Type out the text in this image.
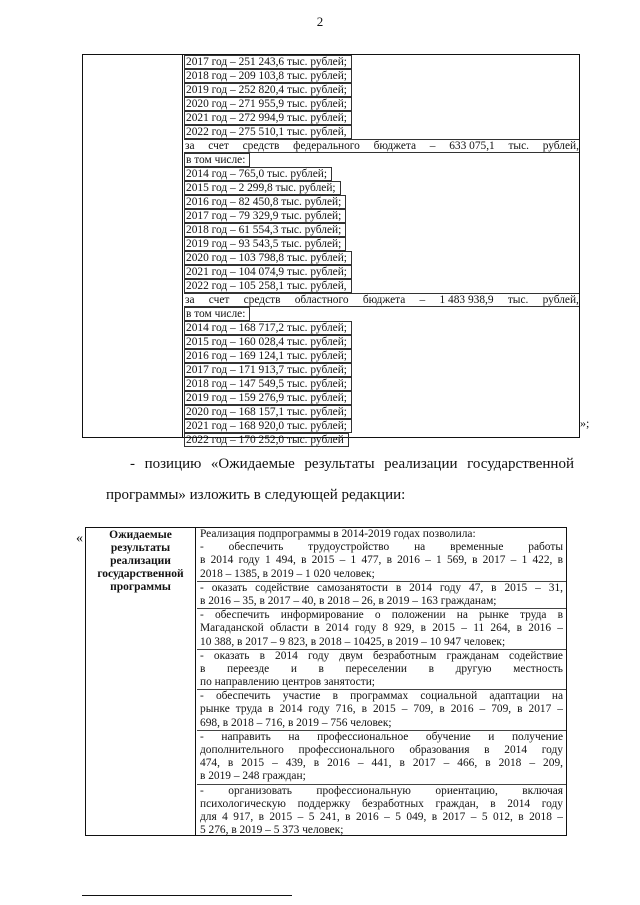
2
2017 год – 251 243,6 тыс. рублей;
2018 год – 209 103,8 тыс. рублей;
2019 год – 252 820,4 тыс. рублей;
2020 год – 271 955,9 тыс. рублей;
2021 год – 272 994,9 тыс. рублей;
2022 год – 275 510,1 тыс. рублей,
за счет средств федерального бюджета – 633 075,1 тыс. рублей,
в том числе:
2014 год – 765,0 тыс. рублей;
2015 год – 2 299,8 тыс. рублей;
2016 год – 82 450,8 тыс. рублей;
2017 год – 79 329,9 тыс. рублей;
2018 год – 61 554,3 тыс. рублей;
2019 год – 93 543,5 тыс. рублей;
2020 год – 103 798,8 тыс. рублей;
2021 год – 104 074,9 тыс. рублей;
2022 год – 105 258,1 тыс. рублей,
за счет средств областного бюджета – 1 483 938,9 тыс. рублей,
в том числе:
2014 год – 168 717,2 тыс. рублей;
2015 год – 160 028,4 тыс. рублей;
2016 год – 169 124,1 тыс. рублей;
2017 год – 171 913,7 тыс. рублей;
2018 год – 147 549,5 тыс. рублей;
2019 год – 159 276,9 тыс. рублей;
2020 год – 168 157,1 тыс. рублей;
2021 год – 168 920,0 тыс. рублей;
2022 год – 170 252,0 тыс. рублей
»;
- позицию «Ожидаемые результаты реализации государственной
программы» изложить в следующей редакции:
«	Ожидаемые
результаты
реализации
государственной
программы
Реализация подпрограммы в 2014-2019 годах позволила:
- обеспечить трудоустройство на временные работы
в 2014 году 1 494, в 2015 – 1 477, в 2016 – 1 569, в 2017 – 1 422, в
2018 – 1385, в 2019 – 1 020 человек;
- оказать содействие самозанятости в 2014 году 47, в 2015 – 31,
в 2016 – 35, в 2017 – 40, в 2018 – 26, в 2019 – 163 гражданам;
- обеспечить информирование о положении на рынке труда в
Магаданской области в 2014 году 8 929, в 2015 – 11 264, в 2016 –
10 388, в 2017 – 9 823, в 2018 – 10425, в 2019 – 10 947 человек;
- оказать в 2014 году двум безработным гражданам содействие
в переезде и в переселении в другую местность
по направлению центров занятости;
- обеспечить участие в программах социальной адаптации на
рынке труда в 2014 году 716, в 2015 – 709, в 2016 – 709, в 2017 –
698, в 2018 – 716, в 2019 – 756 человек;
- направить на профессиональное обучение и получение
дополнительного профессионального образования в 2014 году
474, в 2015 – 439, в 2016 – 441, в 2017 – 466, в 2018 – 209,
в 2019 – 248 граждан;
- организовать профессиональную ориентацию, включая
психологическую поддержку безработных граждан, в 2014 году
для 4 917, в 2015 – 5 241, в 2016 – 5 049, в 2017 – 5 012, в 2018 –
5 276, в 2019 – 5 373 человек;
